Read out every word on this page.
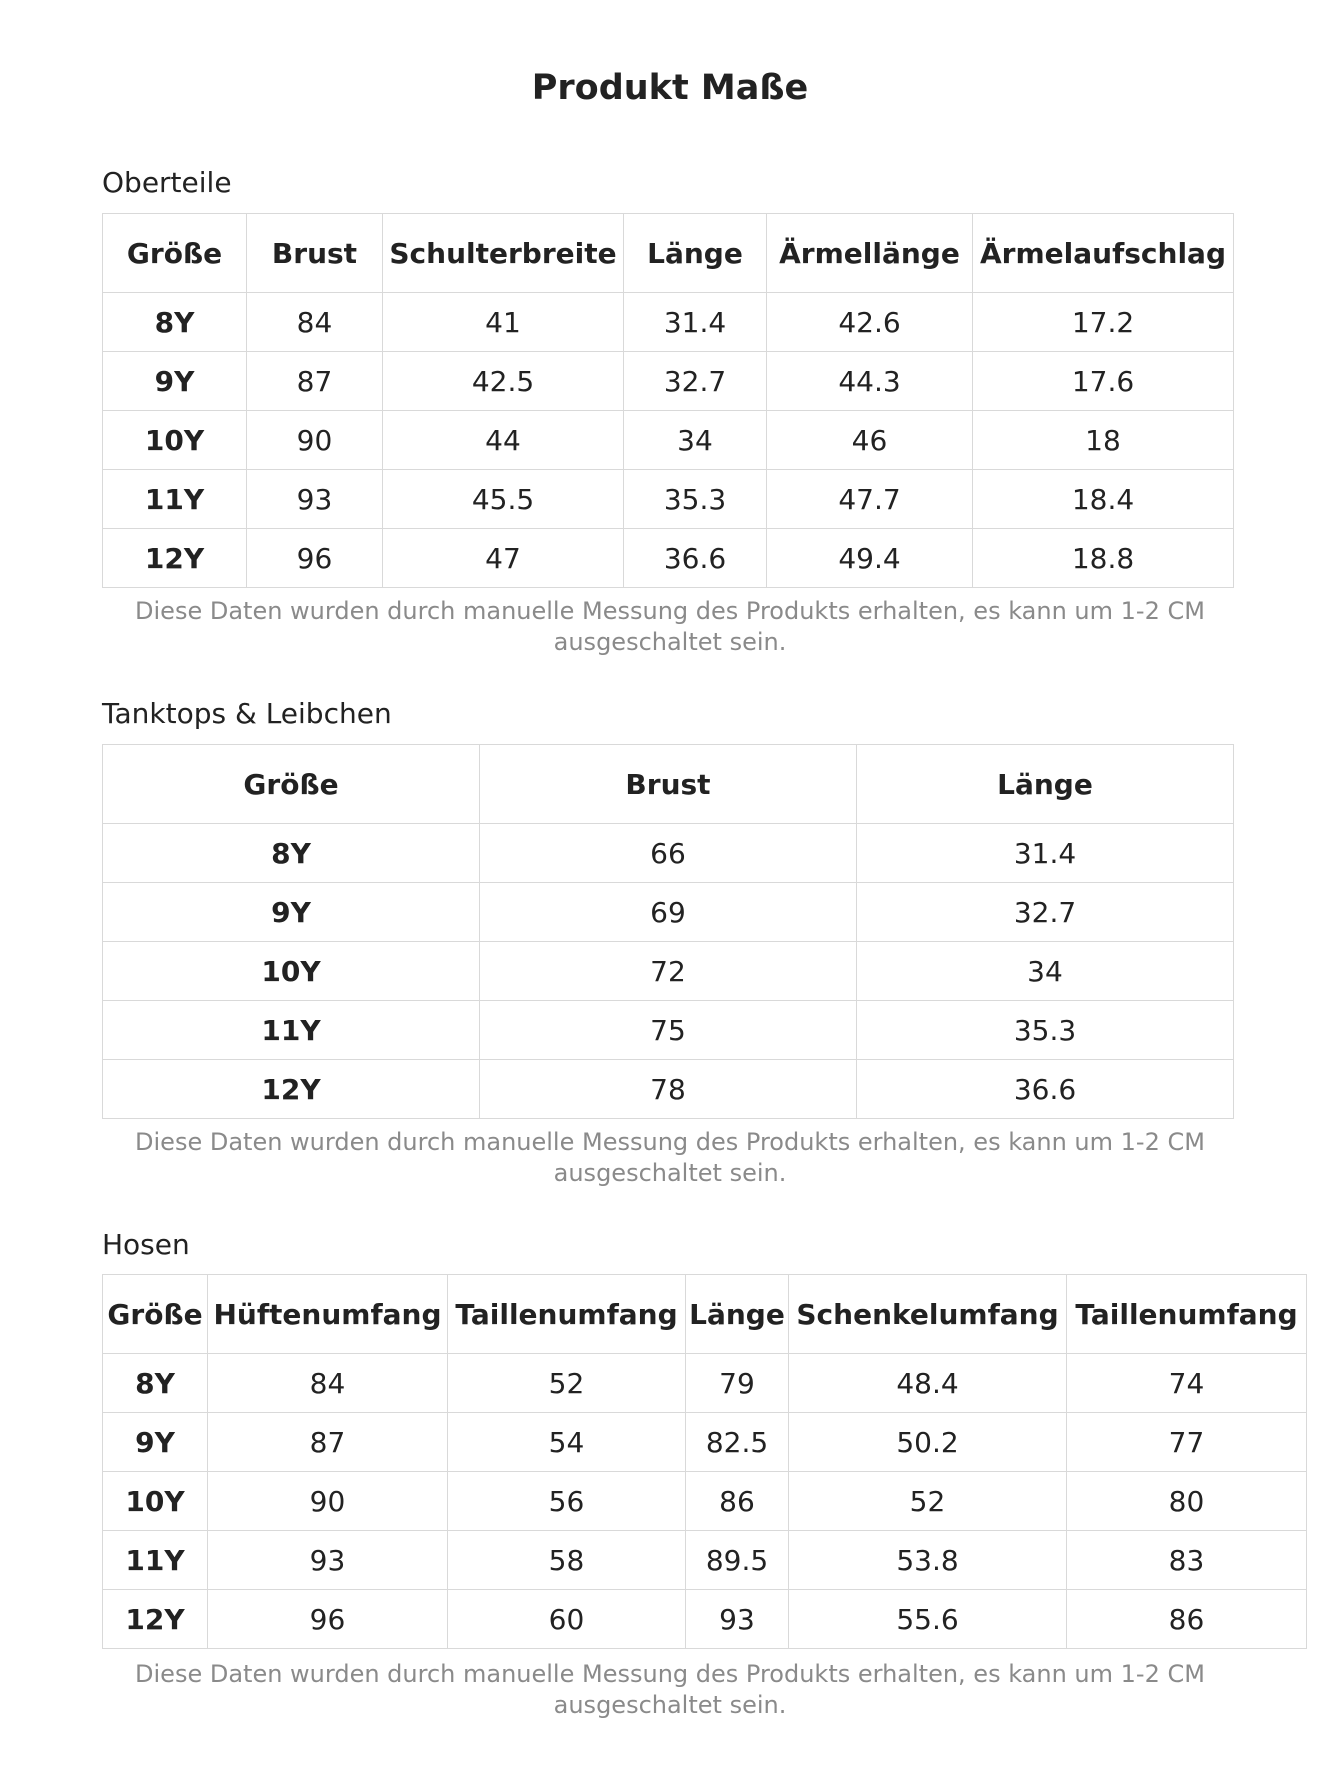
Produkt Maße
Oberteile
Größe	Brust	Schulterbreite	Länge	Ärmellänge	Ärmelaufschlag
8Y	84	41	31.4	42.6	17.2
9Y	87	42.5	32.7	44.3	17.6
10Y	90	44	34	46	18
11Y	93	45.5	35.3	47.7	18.4
12Y	96	47	36.6	49.4	18.8
Diese Daten wurden durch manuelle Messung des Produkts erhalten, es kann um 1-2 CM
ausgeschaltet sein.
Tanktops & Leibchen
Größe	Brust	Länge
8Y	66	31.4
9Y	69	32.7
10Y	72	34
11Y	75	35.3
12Y	78	36.6
Diese Daten wurden durch manuelle Messung des Produkts erhalten, es kann um 1-2 CM
ausgeschaltet sein.
Hosen
Größe	Hüftenumfang	Taillenumfang	Länge	Schenkelumfang	Taillenumfang
8Y	84	52	79	48.4	74
9Y	87	54	82.5	50.2	77
10Y	90	56	86	52	80
11Y	93	58	89.5	53.8	83
12Y	96	60	93	55.6	86
Diese Daten wurden durch manuelle Messung des Produkts erhalten, es kann um 1-2 CM
ausgeschaltet sein.
